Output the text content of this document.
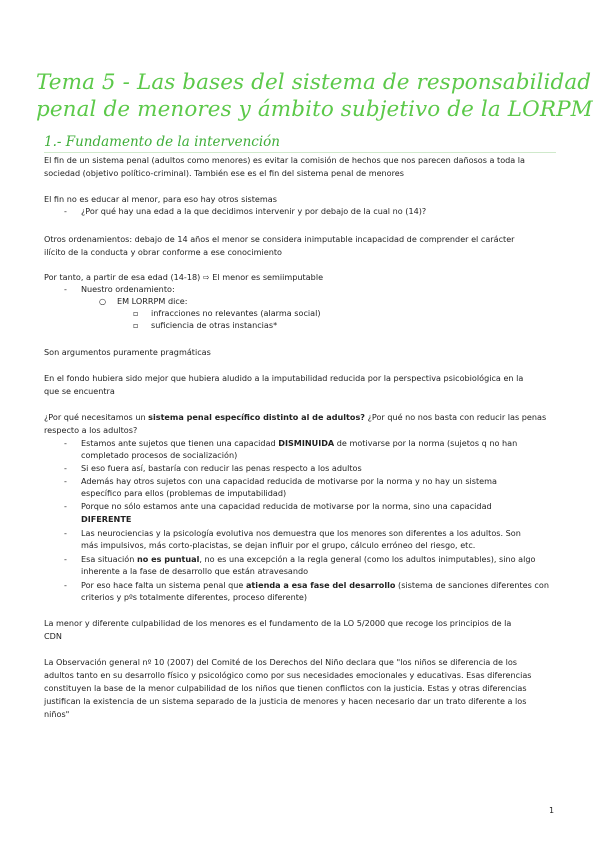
Tema 5 - Las bases del sistema de responsabilidad
penal de menores y ámbito subjetivo de la LORPM
1.- Fundamento de la intervención
El fin de un sistema penal (adultos como menores) es evitar la comisión de hechos que nos parecen dañosos a toda la
sociedad (objetivo político-criminal). También ese es el fin del sistema penal de menores
El fin no es educar al menor, para eso hay otros sistemas
- ¿Por qué hay una edad a la que decidimos intervenir y por debajo de la cual no (14)?
Otros ordenamientos: debajo de 14 años el menor se considera inimputable incapacidad de comprender el carácter
ilícito de la conducta y obrar conforme a ese conocimiento
Por tanto, a partir de esa edad (14-18) ⇨ El menor es semiimputable
- Nuestro ordenamiento:
○ EM LORRPM dice:
▫ infracciones no relevantes (alarma social)
▫ suficiencia de otras instancias*
Son argumentos puramente pragmáticas
En el fondo hubiera sido mejor que hubiera aludido a la imputabilidad reducida por la perspectiva psicobiológica en la
que se encuentra
¿Por qué necesitamos un sistema penal específico distinto al de adultos? ¿Por qué no nos basta con reducir las penas
respecto a los adultos?
- Estamos ante sujetos que tienen una capacidad DISMINUIDA de motivarse por la norma (sujetos q no han
completado procesos de socialización)
- Si eso fuera así, bastaría con reducir las penas respecto a los adultos
- Además hay otros sujetos con una capacidad reducida de motivarse por la norma y no hay un sistema
específico para ellos (problemas de imputabilidad)
- Porque no sólo estamos ante una capacidad reducida de motivarse por la norma, sino una capacidad
DIFERENTE
- Las neurociencias y la psicología evolutiva nos demuestra que los menores son diferentes a los adultos. Son
más impulsivos, más corto-placistas, se dejan influir por el grupo, cálculo erróneo del riesgo, etc.
- Esa situación no es puntual, no es una excepción a la regla general (como los adultos inimputables), sino algo
inherente a la fase de desarrollo que están atravesando
- Por eso hace falta un sistema penal que atienda a esa fase del desarrollo (sistema de sanciones diferentes con
criterios y pºs totalmente diferentes, proceso diferente)
La menor y diferente culpabilidad de los menores es el fundamento de la LO 5/2000 que recoge los principios de la
CDN
La Observación general nº 10 (2007) del Comité de los Derechos del Niño declara que "los niños se diferencia de los
adultos tanto en su desarrollo físico y psicológico como por sus necesidades emocionales y educativas. Esas diferencias
constituyen la base de la menor culpabilidad de los niños que tienen conflictos con la justicia. Estas y otras diferencias
justifican la existencia de un sistema separado de la justicia de menores y hacen necesario dar un trato diferente a los
niños"
1
